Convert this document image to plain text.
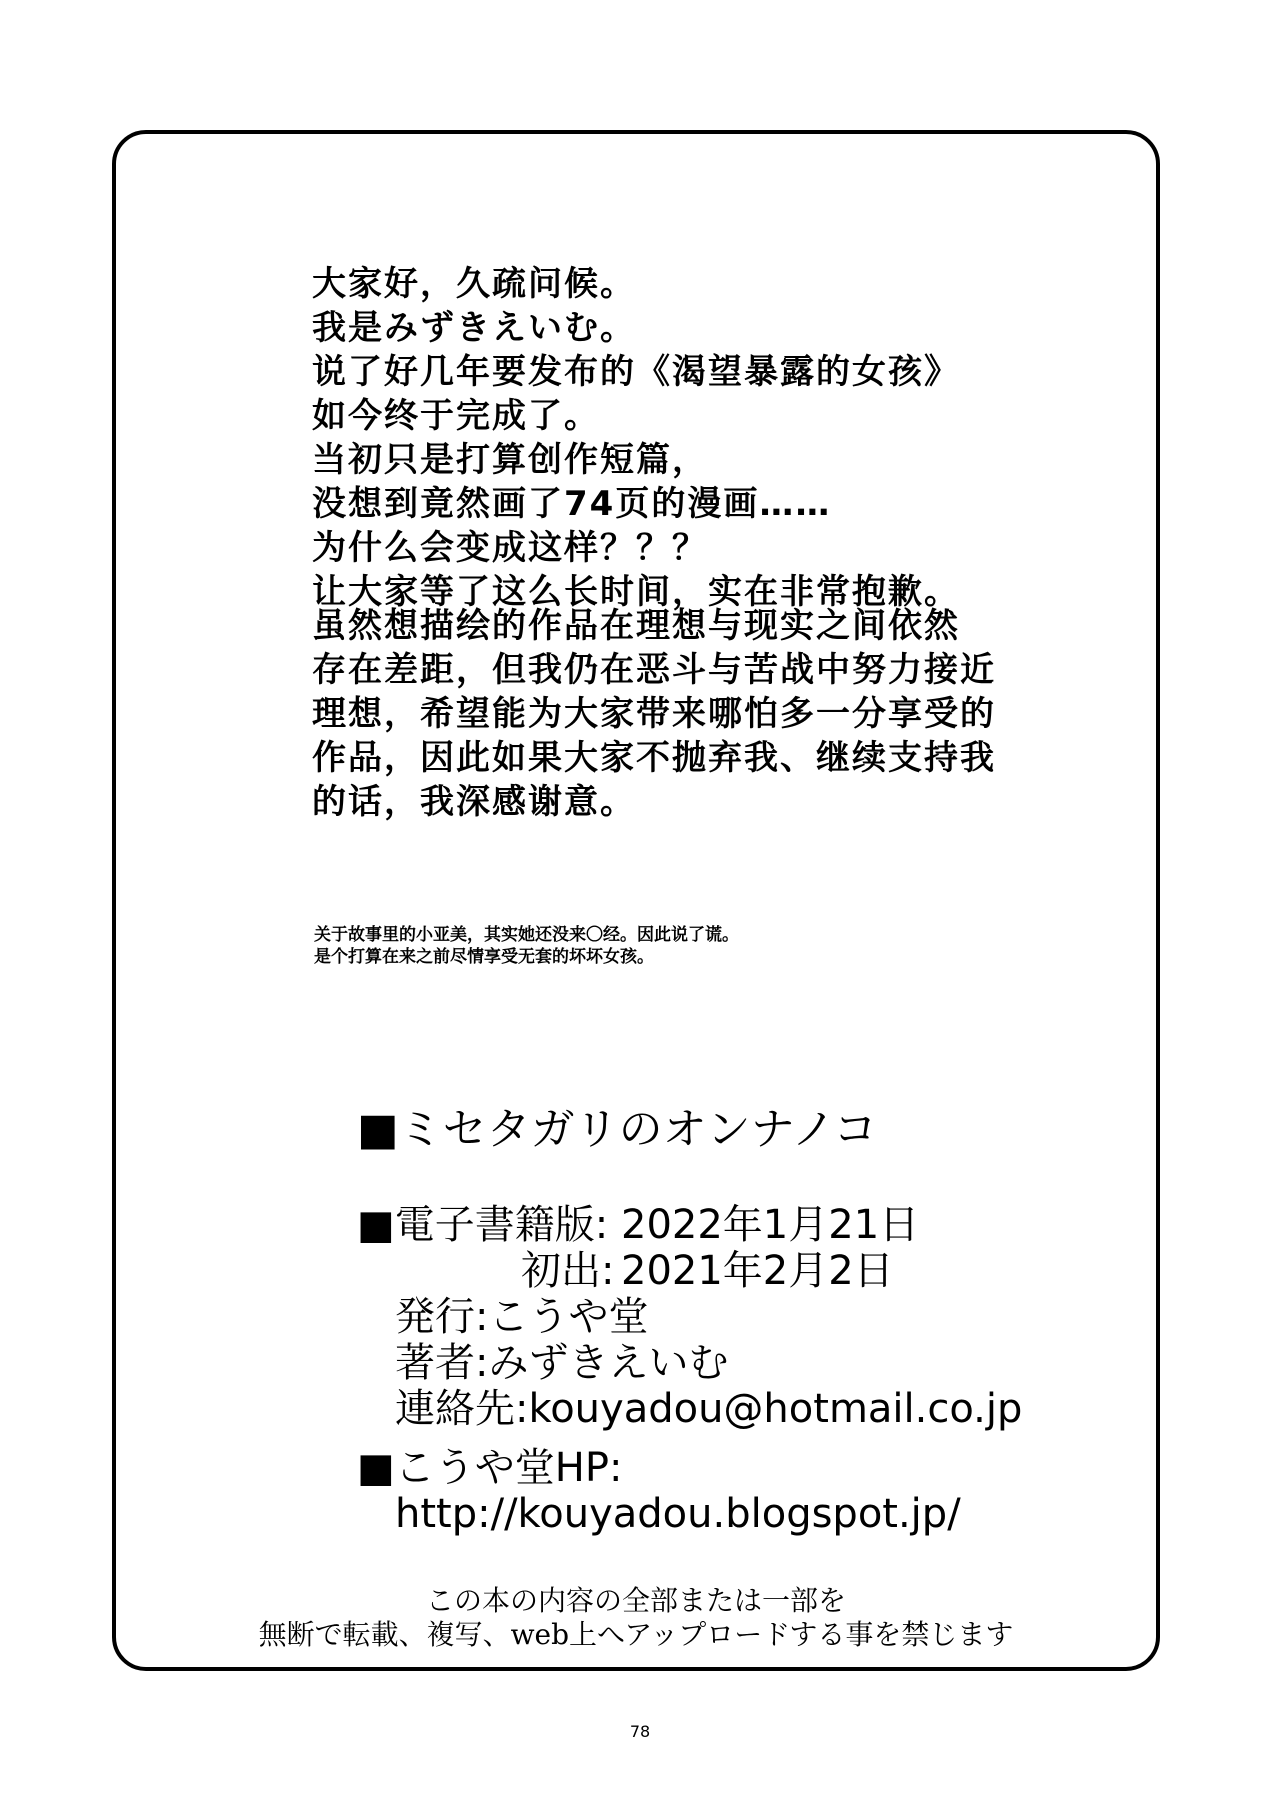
大家好，久疏问候。
我是みずきえいむ。
说了好几年要发布的《渴望暴露的女孩》
如今终于完成了。
当初只是打算创作短篇，
没想到竟然画了74页的漫画……
为什么会变成这样？？？
让大家等了这么长时间，实在非常抱歉。
虽然想描绘的作品在理想与现实之间依然
存在差距，但我仍在恶斗与苦战中努力接近
理想，希望能为大家带来哪怕多一分享受的
作品，因此如果大家不抛弃我、继续支持我
的话，我深感谢意。
关于故事里的小亚美，其实她还没来〇经。因此说了谎。
是个打算在来之前尽情享受无套的坏坏女孩。
■ミセタガリのオンナノコ
■電子書籍版: 2022年1月21日
初出: 2021年2月2日
発行:こうや堂
著者:みずきえいむ
連絡先:kouyadou@hotmail.co.jp
■こうや堂HP:
http://kouyadou.blogspot.jp/
この本の内容の全部または一部を
無断で転載、複写、web上へアップロードする事を禁じます
78
